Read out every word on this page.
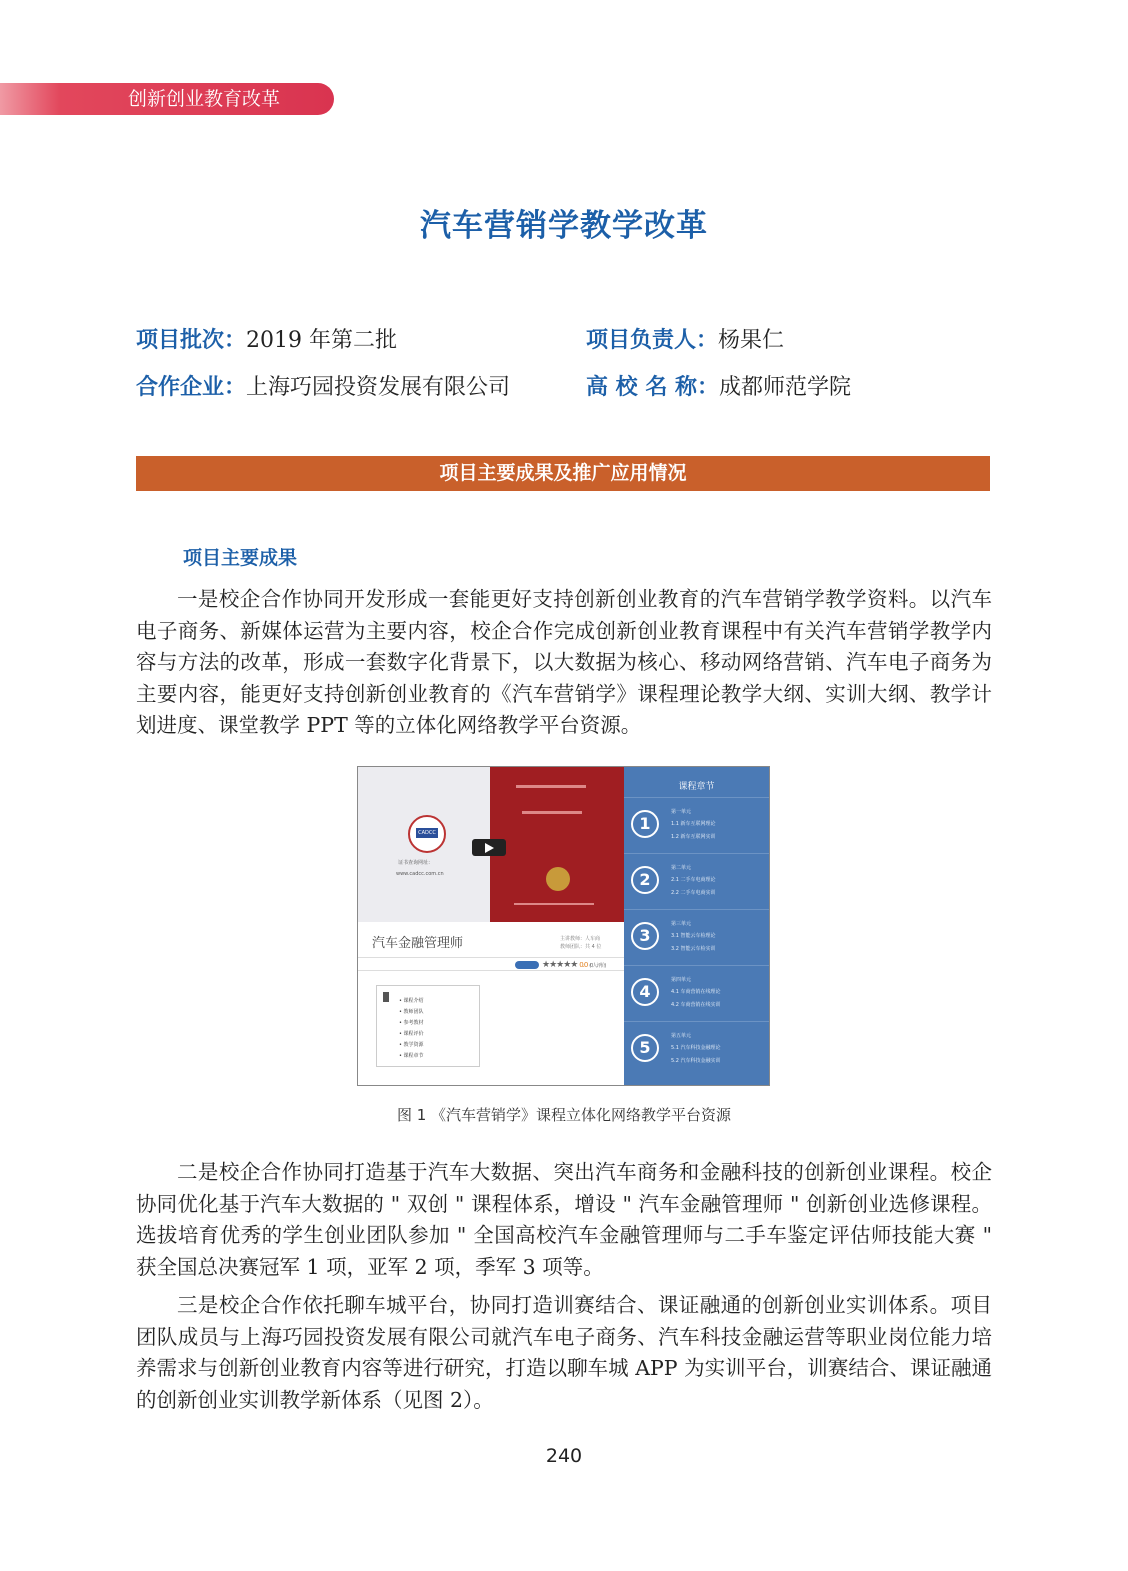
创新创业教育改革
汽车营销学教学改革
项目批次：2019 年第二批	项目负责人：杨果仁
合作企业：上海巧园投资发展有限公司	高 校 名 称：成都师范学院
项目主要成果及推广应用情况
项目主要成果

一是校企合作协同开发形成一套能更好支持创新创业教育的汽车营销学教学资料。以汽车电子商务、新媒体运营为主要内容，校企合作完成创新创业教育课程中有关汽车营销学教学内容与方法的改革，形成一套数字化背景下，以大数据为核心、移动网络营销、汽车电子商务为主要内容，能更好支持创新创业教育的《汽车营销学》课程理论教学大纲、实训大纲、教学计划进度、课堂教学 PPT 等的立体化网络教学平台资源。

CADCC
证书查询网址：
www.cadcc.com.cn
汽车金融管理师	主讲教师：人车商
教师团队：共 4 位
★★★★★ 0.0 (0人评价)
• 课程介绍
• 教师团队
• 参考教材
• 课程评价
• 教学资源
• 课程章节
课程章节
1
第一单元
1.1 新车互联网理论
1.2 新车互联网实训
2
第二单元
2.1 二手车电商理论
2.2 二手车电商实训
3
第三单元
3.1 智能云车检理论
3.2 智能云车检实训
4
第四单元
4.1 车商营销在线理论
4.2 车商营销在线实训
5
第五单元
5.1 汽车科技金融理论
5.2 汽车科技金融实训
图 1 《汽车营销学》课程立体化网络教学平台资源

二是校企合作协同打造基于汽车大数据、突出汽车商务和金融科技的创新创业课程。校企协同优化基于汽车大数据的 " 双创 " 课程体系，增设 " 汽车金融管理师 " 创新创业选修课程。选拔培育优秀的学生创业团队参加 " 全国高校汽车金融管理师与二手车鉴定评估师技能大赛 " 获全国总决赛冠军 1 项，亚军 2 项，季军 3 项等。

三是校企合作依托聊车城平台，协同打造训赛结合、课证融通的创新创业实训体系。项目团队成员与上海巧园投资发展有限公司就汽车电子商务、汽车科技金融运营等职业岗位能力培养需求与创新创业教育内容等进行研究，打造以聊车城 APP 为实训平台，训赛结合、课证融通的创新创业实训教学新体系（见图 2）。

240
